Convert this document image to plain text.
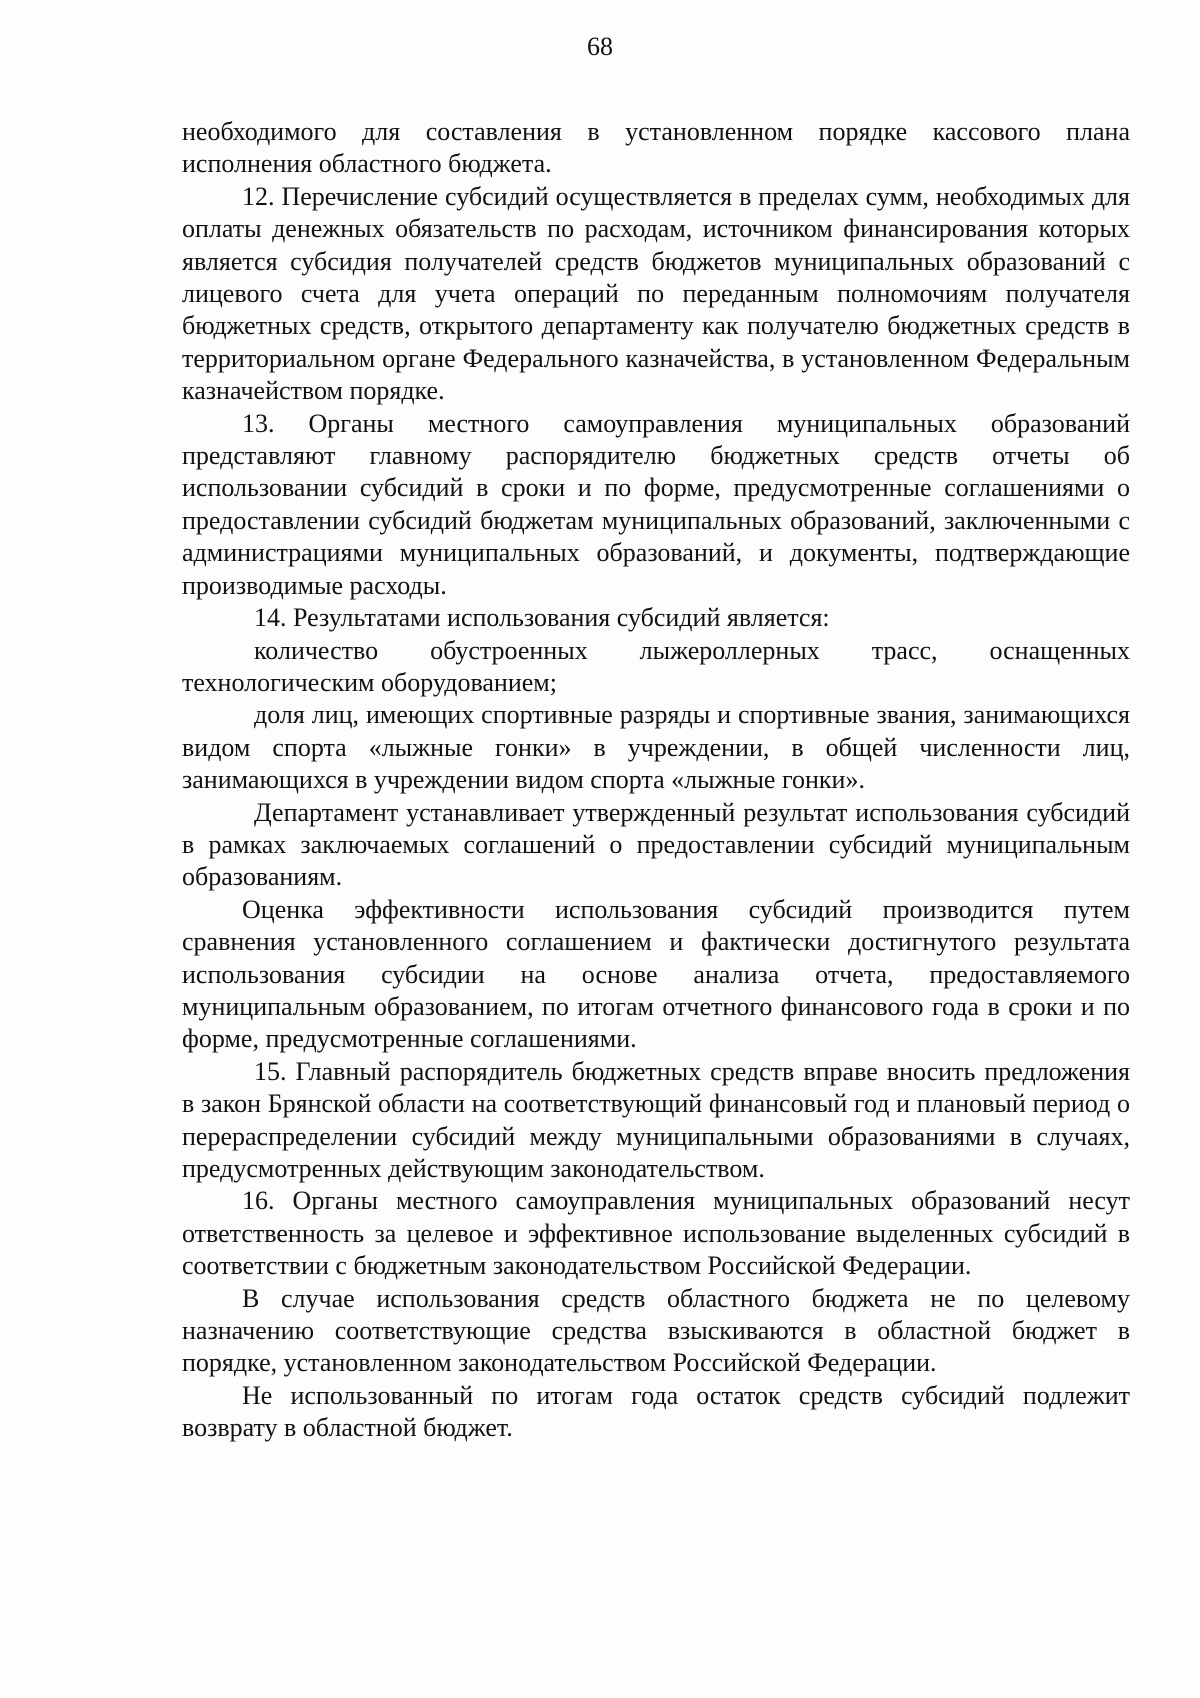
68

необходимого для составления в установленном порядке кассового плана исполнения областного бюджета.

12. Перечисление субсидий осуществляется в пределах сумм, необходимых для оплаты денежных обязательств по расходам, источником финансирования которых является субсидия получателей средств бюджетов муниципальных образований с лицевого счета для учета операций по переданным полномочиям получателя бюджетных средств, открытого департаменту как получателю бюджетных средств в территориальном органе Федерального казначейства, в установленном Федеральным казначейством порядке.

13. Органы местного самоуправления муниципальных образований представляют главному распорядителю бюджетных средств отчеты об использовании субсидий в сроки и по форме, предусмотренные соглашениями о предоставлении субсидий бюджетам муниципальных образований, заключенными с администрациями муниципальных образований, и документы, подтверждающие производимые расходы.

14. Результатами использования субсидий является:

количество обустроенных лыжероллерных трасс, оснащенных технологическим оборудованием;

доля лиц, имеющих спортивные разряды и спортивные звания, занимающихся видом спорта «лыжные гонки» в учреждении, в общей численности лиц, занимающихся в учреждении видом спорта «лыжные гонки».

Департамент устанавливает утвержденный результат использования субсидий в рамках заключаемых соглашений о предоставлении субсидий муниципальным образованиям.

Оценка эффективности использования субсидий производится путем сравнения установленного соглашением и фактически достигнутого результата использования субсидии на основе анализа отчета, предоставляемого муниципальным образованием, по итогам отчетного финансового года в сроки и по форме, предусмотренные соглашениями.

15. Главный распорядитель бюджетных средств вправе вносить предложения в закон Брянской области на соответствующий финансовый год и плановый период о перераспределении субсидий между муниципальными образованиями в случаях, предусмотренных действующим законодательством.

16. Органы местного самоуправления муниципальных образований несут ответственность за целевое и эффективное использование выделенных субсидий в соответствии с бюджетным законодательством Российской Федерации.

В случае использования средств областного бюджета не по целевому назначению соответствующие средства взыскиваются в областной бюджет в порядке, установленном законодательством Российской Федерации.

Не использованный по итогам года остаток средств субсидий подлежит возврату в областной бюджет.
